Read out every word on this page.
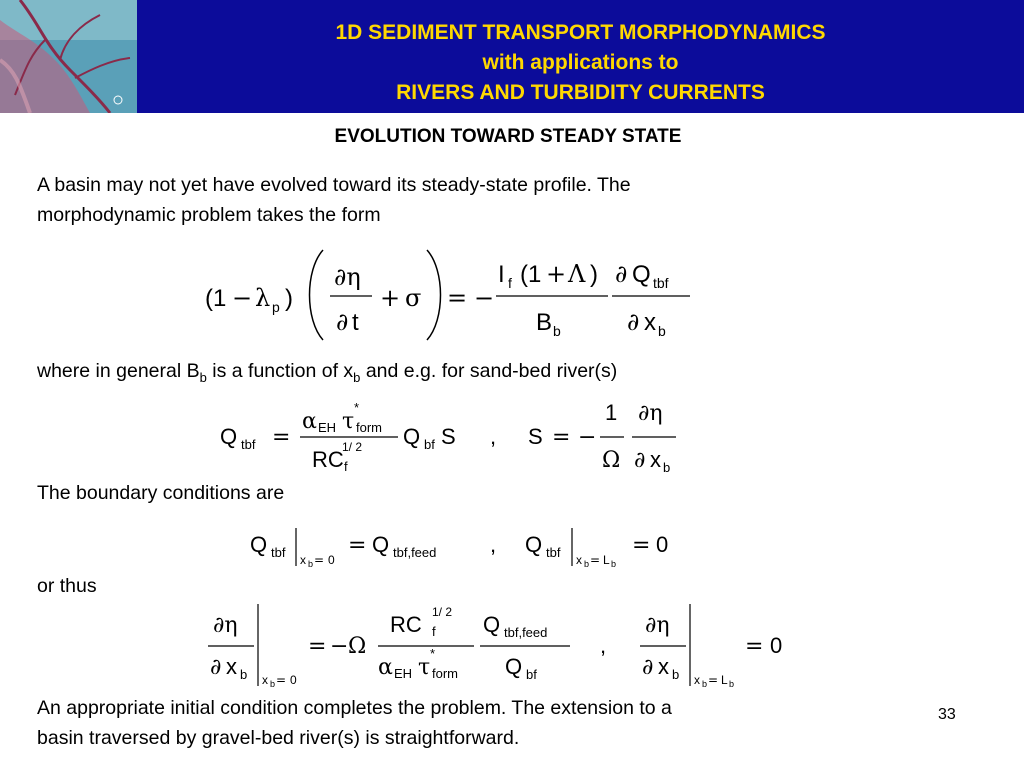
1D SEDIMENT TRANSPORT MORPHODYNAMICS
with applications to
RIVERS AND TURBIDITY CURRENTS
EVOLUTION TOWARD STEADY STATE
A basin may not yet have evolved toward its steady-state profile. The
morphodynamic problem takes the form
where in general $B_b$ is a function of $x_b$ and e.g. for sand-bed river(s)
The boundary conditions are
or thus
An appropriate initial condition completes the problem. The extension to a
basin traversed by gravel-bed river(s) is straightforward.
33
(1 − λ p )
∂η
∂ t
+ σ = −
I f (1 + Λ )
B b
∂ Q tbf
∂ x b
Q tbf =
α EH τ
*
form
RC
1/ 2
f
Q bf S , S = −
1
Ω
∂η
∂ x b
Q tbf x b = 0
= Q tbf,feed , Q tbf x b = L b
= 0
∂η
∂ x b x b = 0
= − Ω
RC 1/ 2
f
α EH τ
*
form
Q tbf,feed
Q bf
,
∂η
∂ x b x b = L b
= 0
